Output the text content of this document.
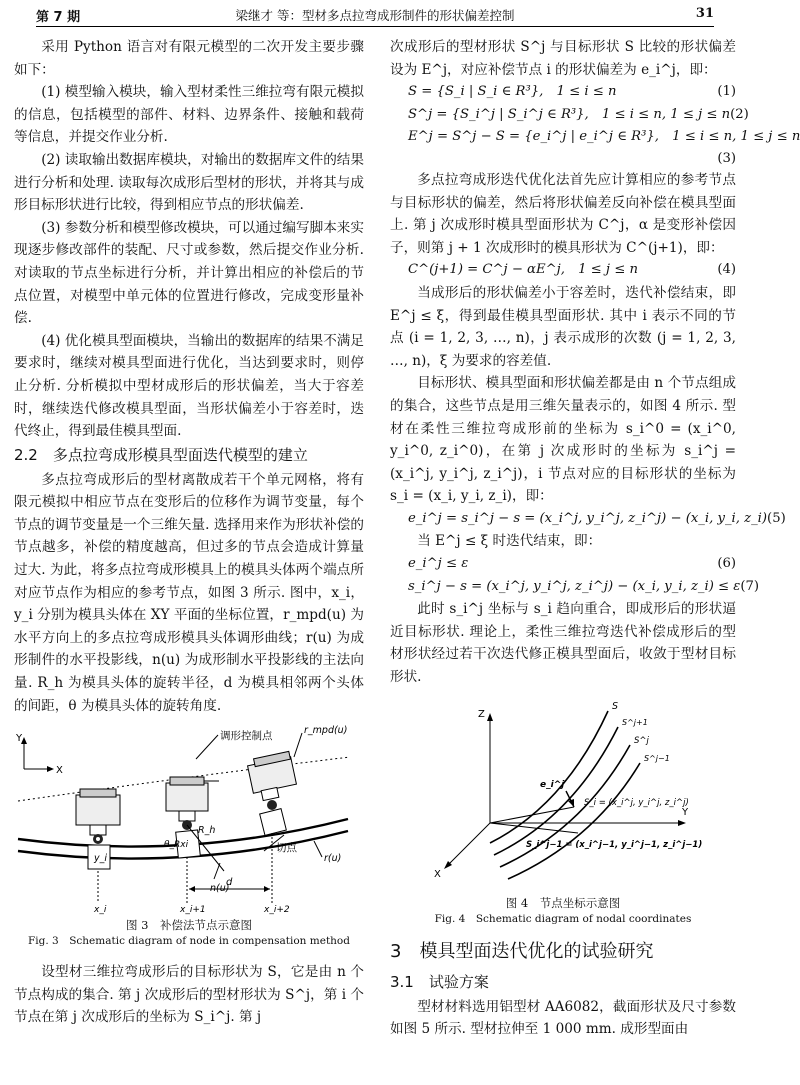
第 7 期	梁继才 等：型材多点拉弯成形制件的形状偏差控制	31

采用 Python 语言对有限元模型的二次开发主要步骤如下：

(1) 模型输入模块，输入型材柔性三维拉弯有限元模拟的信息，包括模型的部件、材料、边界条件、接触和载荷等信息，并提交作业分析.

(2) 读取输出数据库模块，对输出的数据库文件的结果进行分析和处理. 读取每次成形后型材的形状，并将其与成形目标形状进行比较，得到相应节点的形状偏差.

(3) 参数分析和模型修改模块，可以通过编写脚本来实现逐步修改部件的装配、尺寸或参数，然后提交作业分析. 对读取的节点坐标进行分析，并计算出相应的补偿后的节点位置，对模型中单元体的位置进行修改，完成变形量补偿.

(4) 优化模具型面模块，当输出的数据库的结果不满足要求时，继续对模具型面进行优化，当达到要求时，则停止分析. 分析模拟中型材成形后的形状偏差，当大于容差时，继续迭代修改模具型面，当形状偏差小于容差时，迭代终止，得到最佳模具型面.

2.2　多点拉弯成形模具型面迭代模型的建立

多点拉弯成形后的型材离散成若干个单元网格，将有限元模拟中相应节点在变形后的位移作为调节变量，每个节点的调节变量是一个三维矢量. 选择用来作为形状补偿的节点越多，补偿的精度越高，但过多的节点会造成计算量过大. 为此，将多点拉弯成形模具上的模具头体两个端点所对应节点作为相应的参考节点，如图 3 所示. 图中，x_i，y_i 分别为模具头体在 XY 平面的坐标位置，r_mpd(u) 为水平方向上的多点拉弯成形模具头体调形曲线；r(u) 为成形制件的水平投影线，n(u) 为成形制水平投影线的主法向量. R_h 为模具头体的旋转半径，d 为模具相邻两个头体的间距，θ 为模具头体的旋转角度.

Y
X
调形控制点	r_mpd(u)
y_i
θ_Rxi
R_h
切点
r(u)
n(u)
d
x_i	x_i+1	x_i+2
图 3　补偿法节点示意图
Fig. 3　Schematic diagram of node in compensation method

设型材三维拉弯成形后的目标形状为 S，它是由 n 个节点构成的集合. 第 j 次成形后的型材形状为 S^j，第 i 个节点在第 j 次成形后的坐标为 S_i^j. 第 j

次成形后的型材形状 S^j 与目标形状 S 比较的形状偏差设为 E^j，对应补偿节点 i 的形状偏差为 e_i^j，即：

S = {S_i | S_i ∈ R³},　1 ≤ i ≤ n	(1)
S^j = {S_i^j | S_i^j ∈ R³},　1 ≤ i ≤ n, 1 ≤ j ≤ n (2)
E^j = S^j − S = {e_i^j | e_i^j ∈ R³},　1 ≤ i ≤ n, 1 ≤ j ≤ n
(3)

多点拉弯成形迭代优化法首先应计算相应的参考节点与目标形状的偏差，然后将形状偏差反向补偿在模具型面上. 第 j 次成形时模具型面形状为 C^j，α 是变形补偿因子，则第 j + 1 次成形时的模具形状为 C^(j+1)，即：

C^(j+1) = C^j − αE^j,　1 ≤ j ≤ n	(4)

当成形后的形状偏差小于容差时，迭代补偿结束，即 E^j ≤ ξ，得到最佳模具型面形状. 其中 i 表示不同的节点 (i = 1, 2, 3, …, n)，j 表示成形的次数 (j = 1, 2, 3, …, n)，ξ 为要求的容差值.

目标形状、模具型面和形状偏差都是由 n 个节点组成的集合，这些节点是用三维矢量表示的，如图 4 所示. 型材在柔性三维拉弯成形前的坐标为 s_i^0 = (x_i^0, y_i^0, z_i^0)，在第 j 次成形时的坐标为 s_i^j = (x_i^j, y_i^j, z_i^j)，i 节点对应的目标形状的坐标为 s_i = (x_i, y_i, z_i)，即：

e_i^j = s_i^j − s = (x_i^j, y_i^j, z_i^j) − (x_i, y_i, z_i) (5)

当 E^j ≤ ξ 时迭代结束，即：

e_i^j ≤ ε	(6)
s_i^j − s = (x_i^j, y_i^j, z_i^j) − (x_i, y_i, z_i) ≤ ε (7)

此时 s_i^j 坐标与 s_i 趋向重合，即成形后的形状逼近目标形状. 理论上，柔性三维拉弯迭代补偿成形后的型材形状经过若干次迭代修正模具型面后，收敛于型材目标形状.

Z
Y
X
S
S^j+1
S^j
S^j−1
e_i^j
S_i = (x_i^j, y_i^j, z_i^j)
S_i^j−1 = (x_i^j−1, y_i^j−1, z_i^j−1)
图 4　节点坐标示意图
Fig. 4　Schematic diagram of nodal coordinates
3　模具型面迭代优化的试验研究
3.1　试验方案

型材材料选用铝型材 AA6082，截面形状及尺寸参数如图 5 所示. 型材拉伸至 1 000 mm. 成形型面由
